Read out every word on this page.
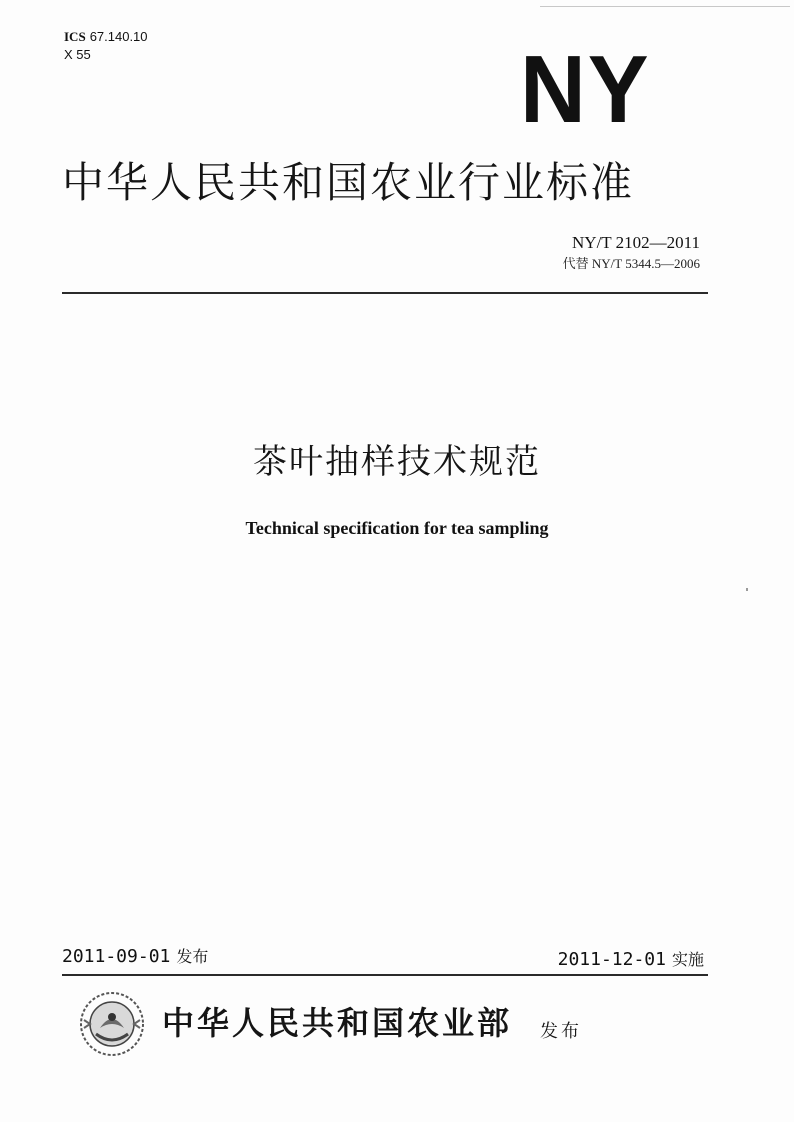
ICS 67.140.10
X 55	NY
中华人民共和国农业行业标准
NY/T 2102—2011
代替 NY/T 5344.5—2006
茶叶抽样技术规范
Technical specification for tea sampling
2011-09-01 发布	2011-12-01 实施
中华人民共和国农业部 发布
